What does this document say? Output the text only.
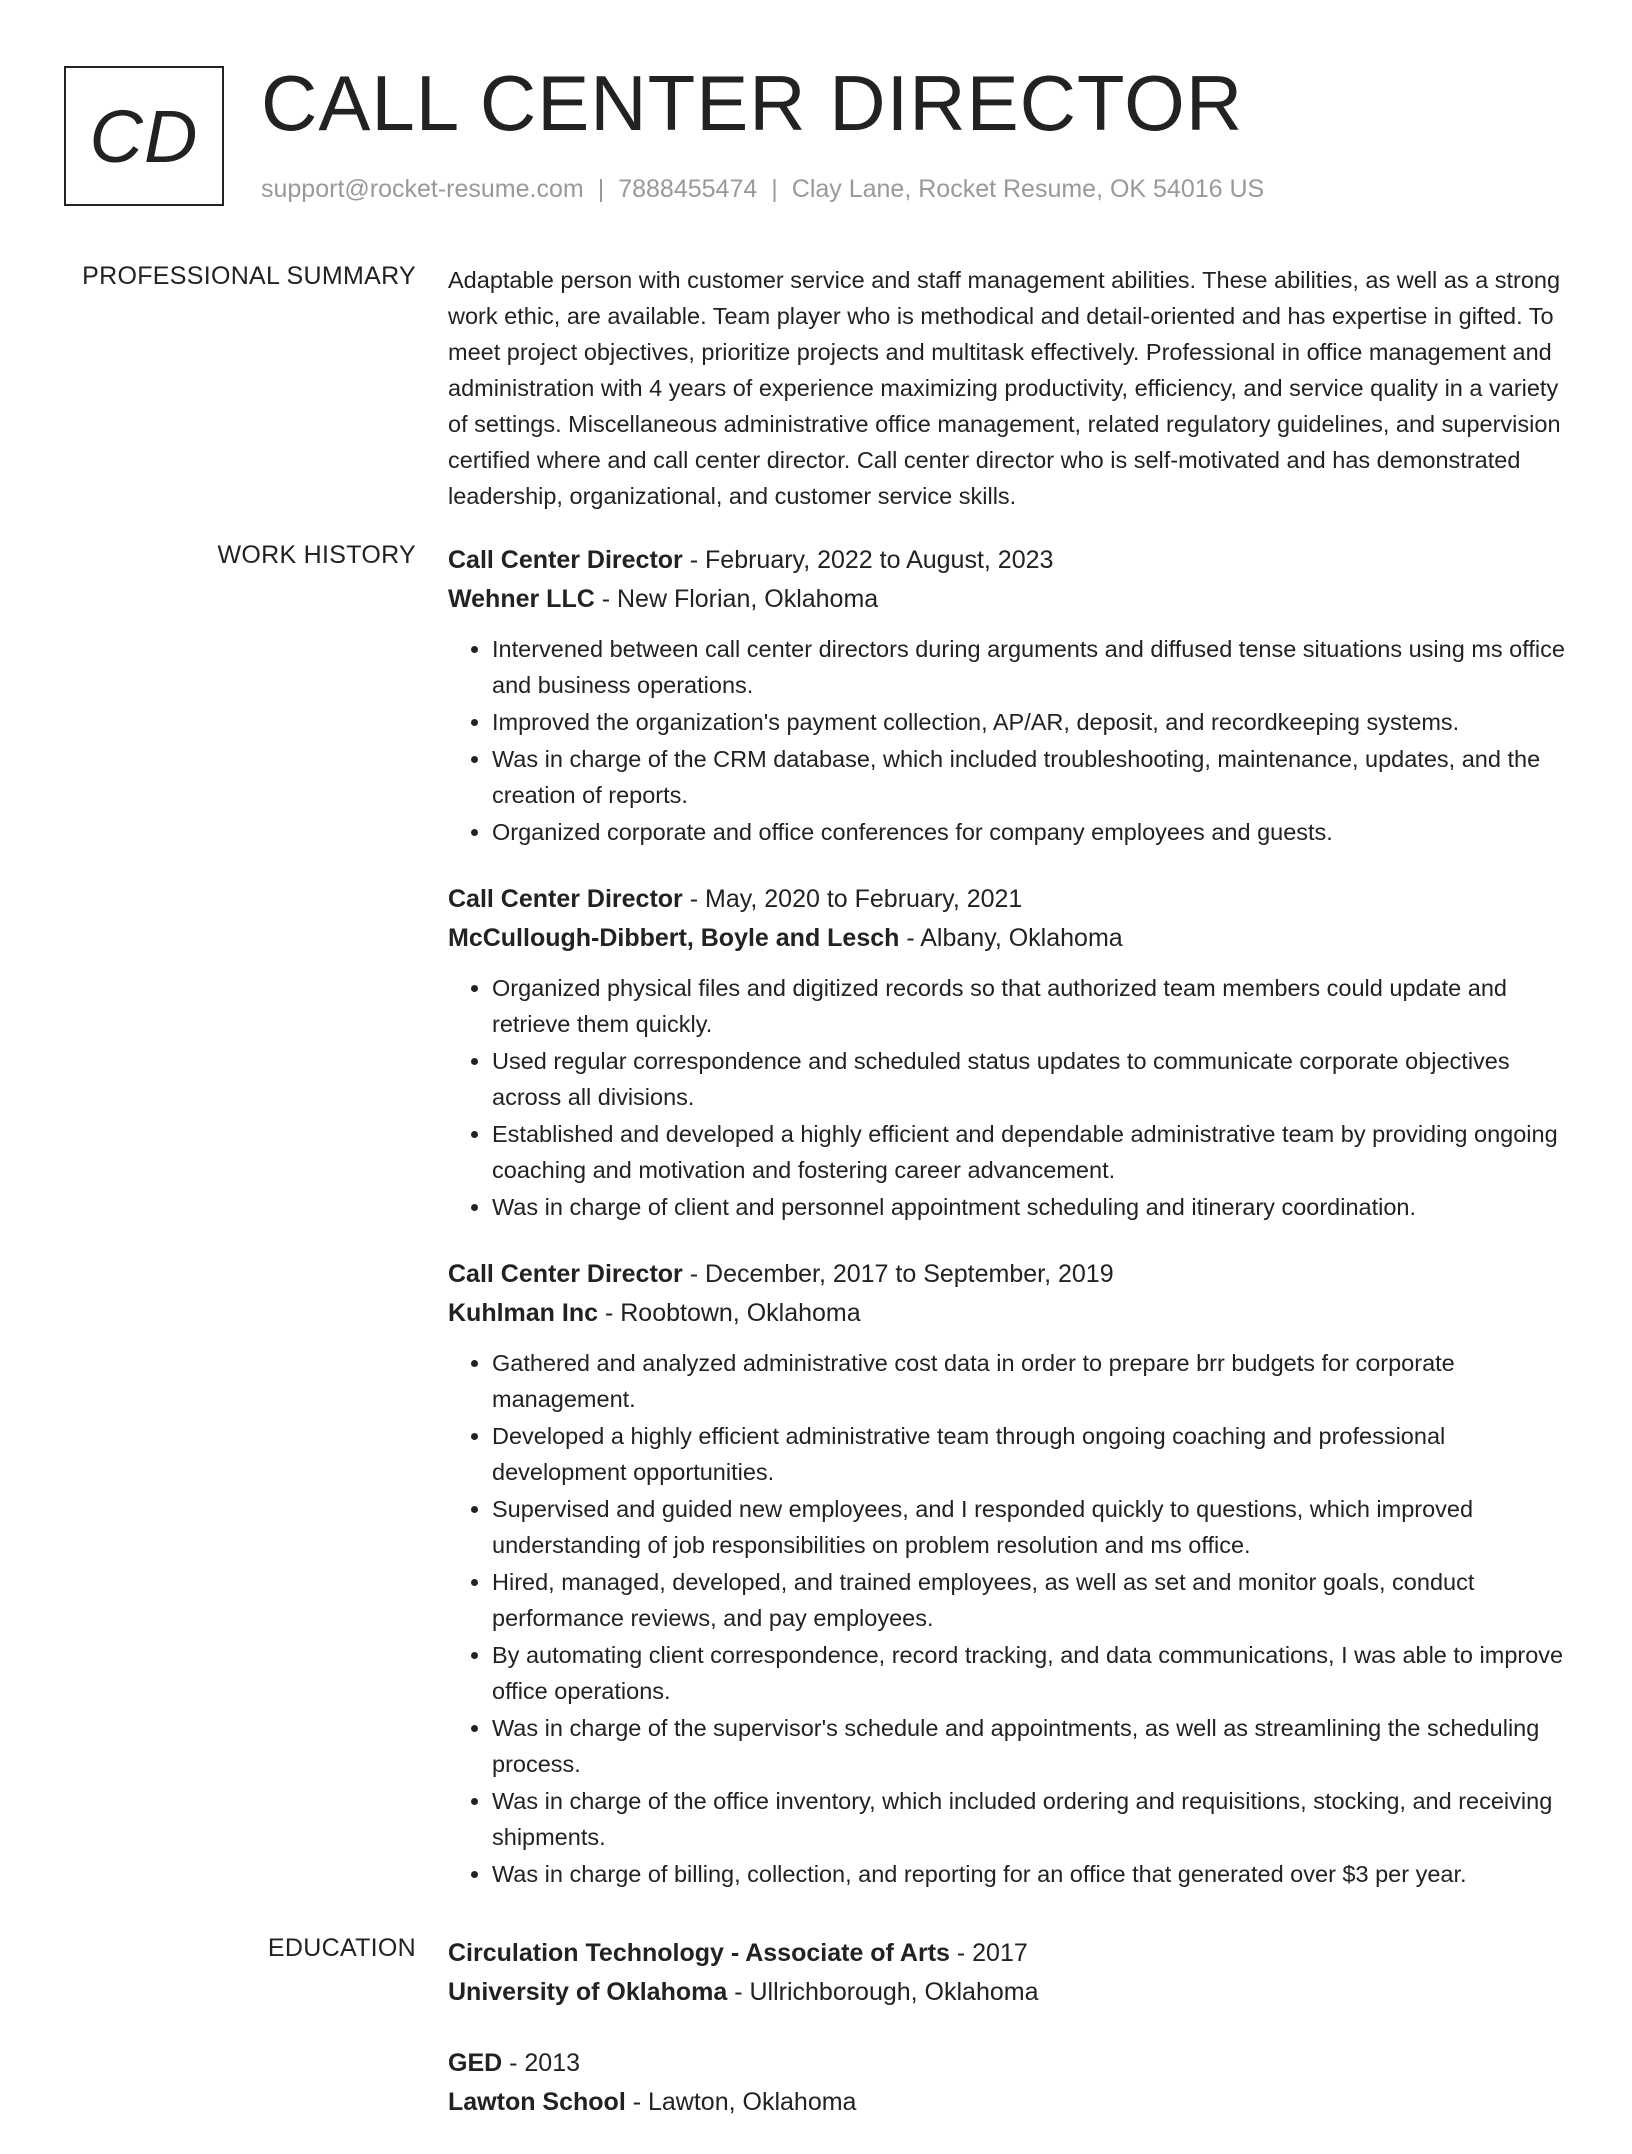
CD CALL CENTER DIRECTOR
support@rocket-resume.com | 7888455474 | Clay Lane, Rocket Resume, OK 54016 US
PROFESSIONAL SUMMARY Adaptable person with customer service and staff management abilities. These abilities, as well as a strong work ethic, are available. Team player who is methodical and detail-oriented and has expertise in gifted. To meet project objectives, prioritize projects and multitask effectively. Professional in office management and administration with 4 years of experience maximizing productivity, efficiency, and service quality in a variety of settings. Miscellaneous administrative office management, related regulatory guidelines, and supervision certified where and call center director. Call center director who is self-motivated and has demonstrated leadership, organizational, and customer service skills.
WORK HISTORY Call Center Director - February, 2022 to August, 2023
Wehner LLC - New Florian, Oklahoma
• Intervened between call center directors during arguments and diffused tense situations using ms office and business operations.
• Improved the organization's payment collection, AP/AR, deposit, and recordkeeping systems.
• Was in charge of the CRM database, which included troubleshooting, maintenance, updates, and the creation of reports.
• Organized corporate and office conferences for company employees and guests.
Call Center Director - May, 2020 to February, 2021
McCullough-Dibbert, Boyle and Lesch - Albany, Oklahoma
• Organized physical files and digitized records so that authorized team members could update and retrieve them quickly.
• Used regular correspondence and scheduled status updates to communicate corporate objectives across all divisions.
• Established and developed a highly efficient and dependable administrative team by providing ongoing coaching and motivation and fostering career advancement.
• Was in charge of client and personnel appointment scheduling and itinerary coordination.
Call Center Director - December, 2017 to September, 2019
Kuhlman Inc - Roobtown, Oklahoma
• Gathered and analyzed administrative cost data in order to prepare brr budgets for corporate management.
• Developed a highly efficient administrative team through ongoing coaching and professional development opportunities.
• Supervised and guided new employees, and I responded quickly to questions, which improved understanding of job responsibilities on problem resolution and ms office.
• Hired, managed, developed, and trained employees, as well as set and monitor goals, conduct performance reviews, and pay employees.
• By automating client correspondence, record tracking, and data communications, I was able to improve office operations.
• Was in charge of the supervisor's schedule and appointments, as well as streamlining the scheduling process.
• Was in charge of the office inventory, which included ordering and requisitions, stocking, and receiving shipments.
• Was in charge of billing, collection, and reporting for an office that generated over $3 per year.
EDUCATION Circulation Technology - Associate of Arts - 2017
University of Oklahoma - Ullrichborough, Oklahoma
GED - 2013
Lawton School - Lawton, Oklahoma
